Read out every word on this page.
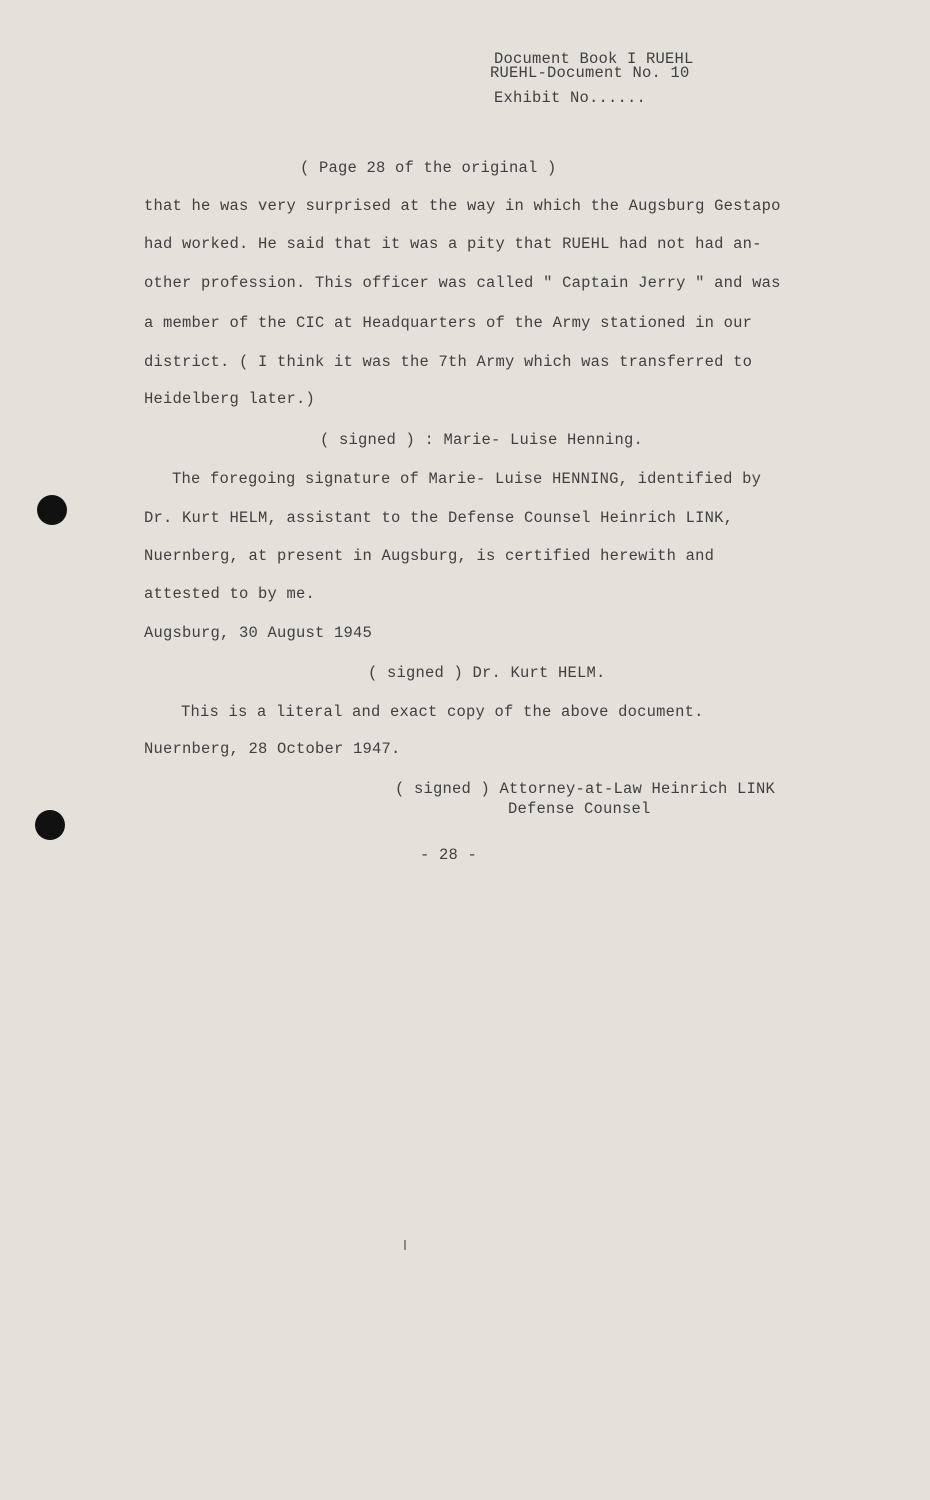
Document Book I RUEHL
RUEHL-Document No. 10
Exhibit No......
( Page 28 of the original )
that he was very surprised at the way in which the Augsburg Gestapo
had worked. He said that it was a pity that RUEHL had not had an-
other profession. This officer was called " Captain Jerry " and was
a member of the CIC at Headquarters of the Army stationed in our
district. ( I think it was the 7th Army which was transferred to
Heidelberg later.)
( signed ) : Marie- Luise Henning.
The foregoing signature of Marie- Luise HENNING, identified by
Dr. Kurt HELM, assistant to the Defense Counsel Heinrich LINK,
Nuernberg, at present in Augsburg, is certified herewith and
attested to by me.
Augsburg, 30 August 1945
( signed ) Dr. Kurt HELM.
This is a literal and exact copy of the above document.
Nuernberg, 28 October 1947.
( signed ) Attorney-at-Law Heinrich LINK
Defense Counsel
- 28 -
